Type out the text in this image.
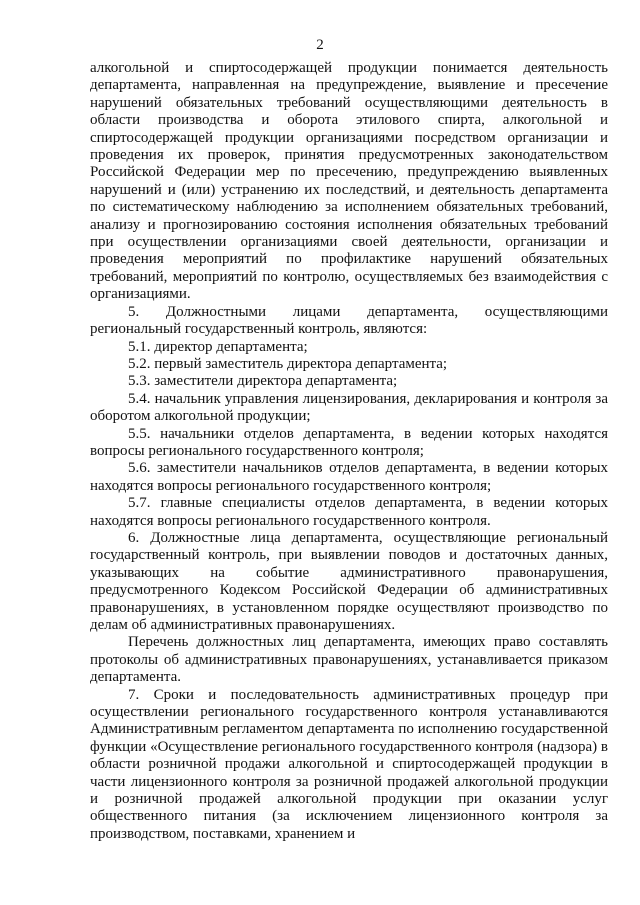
2

алкогольной и спиртосодержащей продукции понимается деятельность департамента, направленная на предупреждение, выявление и пресечение нарушений обязательных требований осуществляющими деятельность в области производства и оборота этилового спирта, алкогольной и спиртосодержащей продукции организациями посредством организации и проведения их проверок, принятия предусмотренных законодательством Российской Федерации мер по пресечению, предупреждению выявленных нарушений и (или) устранению их последствий, и деятельность департамента по систематическому наблюдению за исполнением обязательных требований, анализу и прогнозированию состояния исполнения обязательных требований при осуществлении организациями своей деятельности, организации и проведения мероприятий по профилактике нарушений обязательных требований, мероприятий по контролю, осуществляемых без взаимодействия с организациями.

5. Должностными лицами департамента, осуществляющими региональный государственный контроль, являются:

5.1. директор департамента;

5.2. первый заместитель директора департамента;

5.3. заместители директора департамента;

5.4. начальник управления лицензирования, декларирования и контроля за оборотом алкогольной продукции;

5.5. начальники отделов департамента, в ведении которых находятся вопросы регионального государственного контроля;

5.6. заместители начальников отделов департамента, в ведении которых находятся вопросы регионального государственного контроля;

5.7. главные специалисты отделов департамента, в ведении которых находятся вопросы регионального государственного контроля.

6. Должностные лица департамента, осуществляющие региональный государственный контроль, при выявлении поводов и достаточных данных, указывающих на событие административного правонарушения, предусмотренного Кодексом Российской Федерации об административных правонарушениях, в установленном порядке осуществляют производство по делам об административных правонарушениях.

Перечень должностных лиц департамента, имеющих право составлять протоколы об административных правонарушениях, устанавливается приказом департамента.

7. Сроки и последовательность административных процедур при осуществлении регионального государственного контроля устанавливаются Административным регламентом департамента по исполнению государственной функции «Осуществление регионального государственного контроля (надзора) в области розничной продажи алкогольной и спиртосодержащей продукции в части лицензионного контроля за розничной продажей алкогольной продукции и розничной продажей алкогольной продукции при оказании услуг общественного питания (за исключением лицензионного контроля за производством, поставками, хранением и
